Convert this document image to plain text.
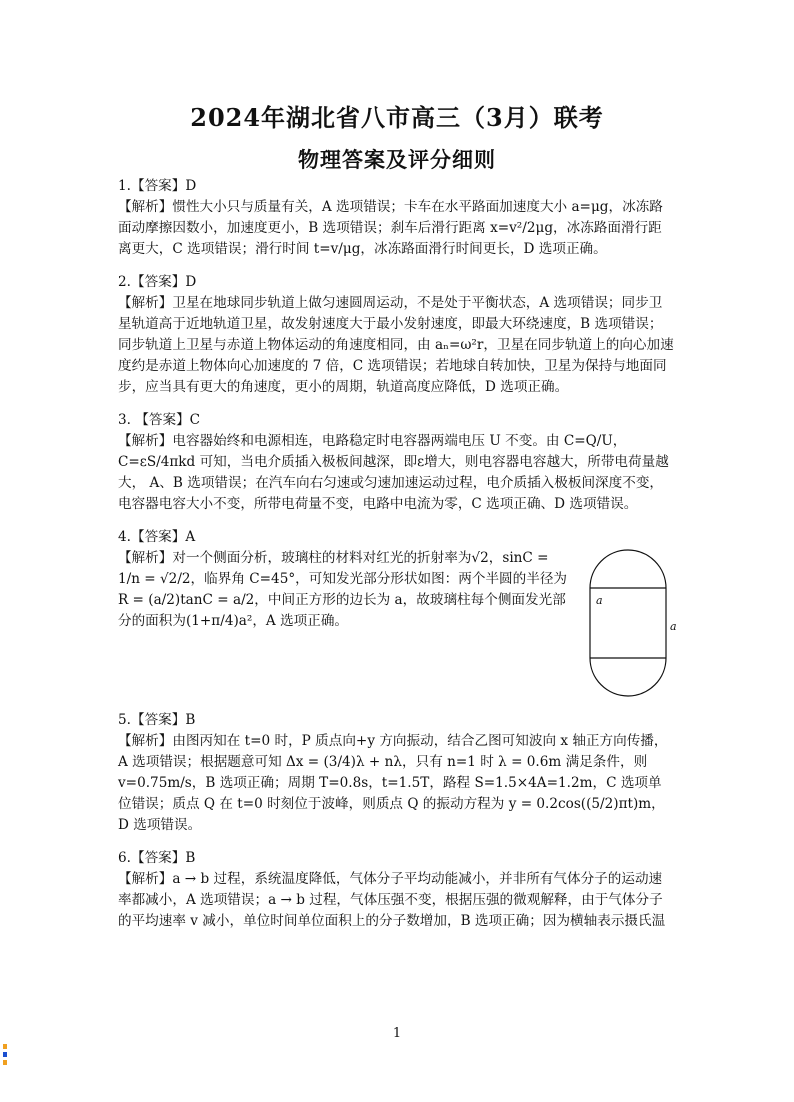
2024年湖北省八市高三（3月）联考
物理答案及评分细则

1.【答案】D

【解析】惯性大小只与质量有关，A 选项错误；卡车在水平路面加速度大小 a=μg，冰冻路面动摩擦因数小，加速度更小，B 选项错误；刹车后滑行距离 x=v²/2μg，冰冻路面滑行距离更大，C 选项错误；滑行时间 t=v/μg，冰冻路面滑行时间更长，D 选项正确。

2.【答案】D

【解析】卫星在地球同步轨道上做匀速圆周运动，不是处于平衡状态，A 选项错误；同步卫星轨道高于近地轨道卫星，故发射速度大于最小发射速度，即最大环绕速度，B 选项错误；同步轨道上卫星与赤道上物体运动的角速度相同，由 aₙ=ω²r，卫星在同步轨道上的向心加速度约是赤道上物体向心加速度的 7 倍，C 选项错误；若地球自转加快，卫星为保持与地面同步，应当具有更大的角速度，更小的周期，轨道高度应降低，D 选项正确。

3. 【答案】C

【解析】电容器始终和电源相连，电路稳定时电容器两端电压 U 不变。由 C=Q/U，C=εS/4πkd 可知，当电介质插入极板间越深，即ε增大，则电容器电容越大，所带电荷量越大， A、B 选项错误；在汽车向右匀速或匀速加速运动过程，电介质插入极板间深度不变，电容器电容大小不变，所带电荷量不变，电路中电流为零，C 选项正确、D 选项错误。

4.【答案】A

【解析】对一个侧面分析，玻璃柱的材料对红光的折射率为√2，sinC = 1/n = √2/2，临界角 C=45°，可知发光部分形状如图：两个半圆的半径为 R = (a/2)tanC = a/2，中间正方形的边长为 a，故玻璃柱每个侧面发光部分的面积为(1+π/4)a²，A 选项正确。

a
a

5.【答案】B

【解析】由图丙知在 t=0 时，P 质点向+y 方向振动，结合乙图可知波向 x 轴正方向传播，A 选项错误；根据题意可知 Δx = (3/4)λ + nλ，只有 n=1 时 λ = 0.6m 满足条件，则 v=0.75m/s，B 选项正确；周期 T=0.8s，t=1.5T，路程 S=1.5×4A=1.2m，C 选项单位错误；质点 Q 在 t=0 时刻位于波峰，则质点 Q 的振动方程为 y = 0.2cos((5/2)πt)m，D 选项错误。

6.【答案】B

【解析】a → b 过程，系统温度降低，气体分子平均动能减小，并非所有气体分子的运动速率都减小，A 选项错误；a → b 过程，气体压强不变，根据压强的微观解释，由于气体分子的平均速率 v 减小，单位时间单位面积上的分子数增加，B 选项正确；因为横轴表示摄氏温

1
